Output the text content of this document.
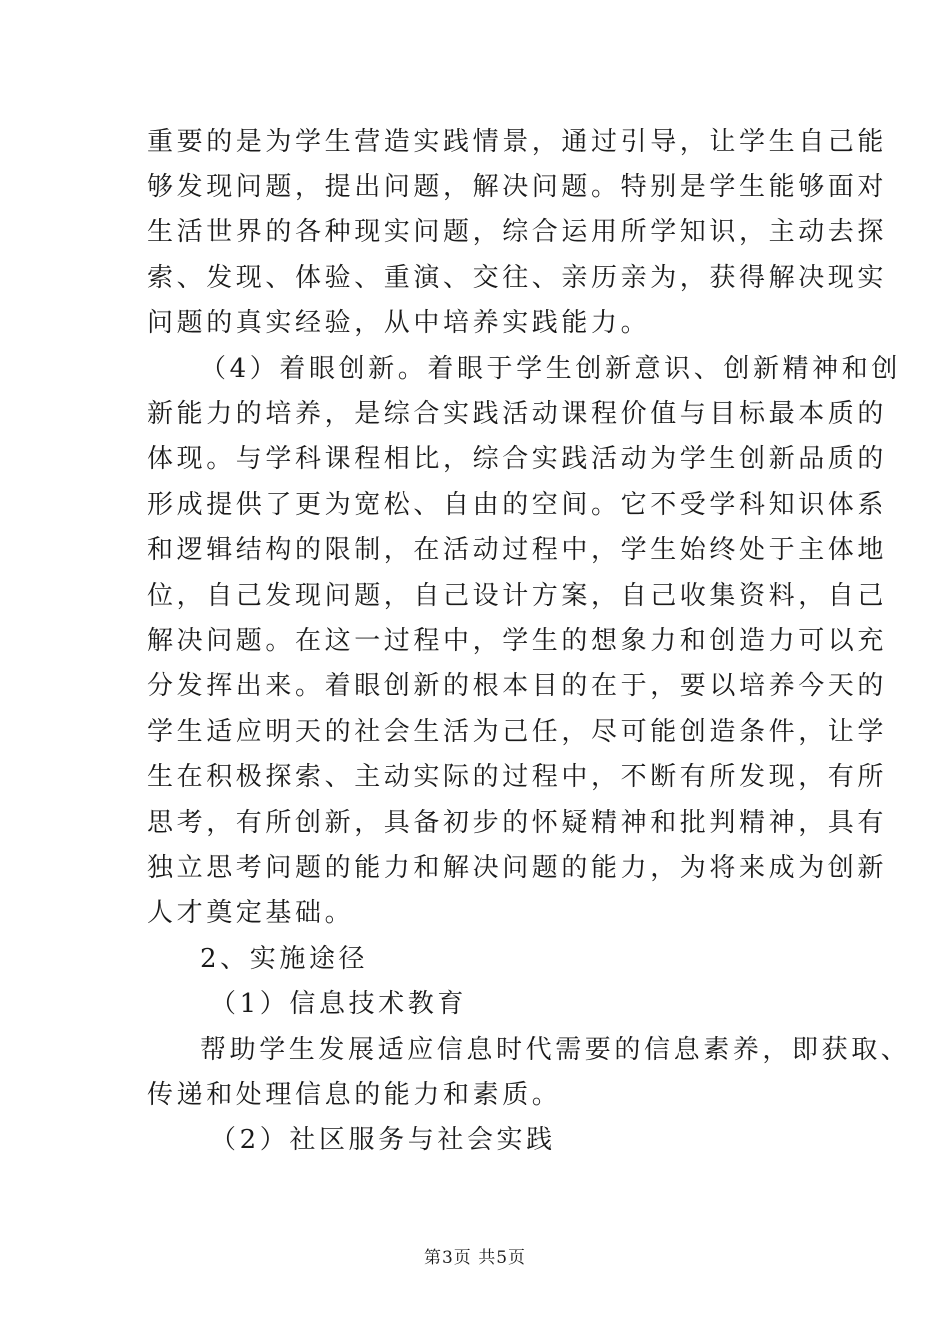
重要的是为学生营造实践情景，通过引导，让学生自己能
够发现问题，提出问题，解决问题。特别是学生能够面对
生活世界的各种现实问题，综合运用所学知识，主动去探
索、发现、体验、重演、交往、亲历亲为，获得解决现实
问题的真实经验，从中培养实践能力。
（4）着眼创新。着眼于学生创新意识、创新精神和创
新能力的培养，是综合实践活动课程价值与目标最本质的
体现。与学科课程相比，综合实践活动为学生创新品质的
形成提供了更为宽松、自由的空间。它不受学科知识体系
和逻辑结构的限制，在活动过程中，学生始终处于主体地
位，自己发现问题，自己设计方案，自己收集资料，自己
解决问题。在这一过程中，学生的想象力和创造力可以充
分发挥出来。着眼创新的根本目的在于，要以培养今天的
学生适应明天的社会生活为己任，尽可能创造条件，让学
生在积极探索、主动实际的过程中，不断有所发现，有所
思考，有所创新，具备初步的怀疑精神和批判精神，具有
独立思考问题的能力和解决问题的能力，为将来成为创新
人才奠定基础。
2、实施途径
（1）信息技术教育
帮助学生发展适应信息时代需要的信息素养，即获取、
传递和处理信息的能力和素质。
（2）社区服务与社会实践
第3页 共5页
